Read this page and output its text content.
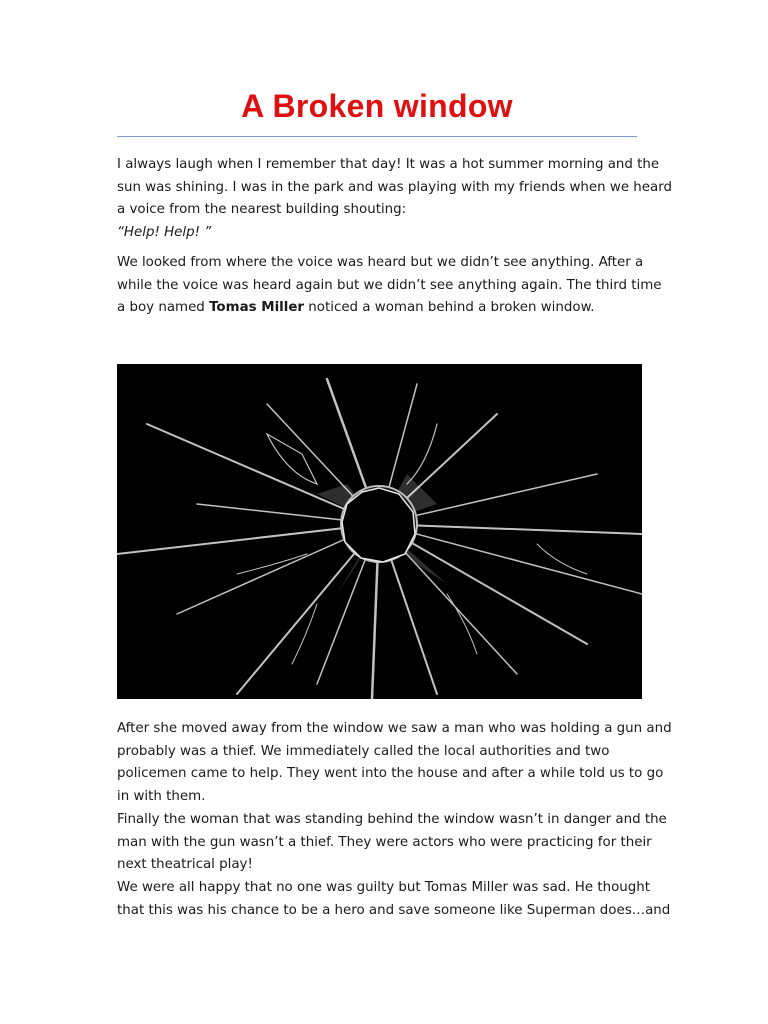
A Broken window

I always laugh when I remember that day! It was a hot summer morning and the
sun was shining. I was in the park and was playing with my friends when we heard
a voice from the nearest building shouting:
“Help! Help! ”

We looked from where the voice was heard but we didn’t see anything. After a
while the voice was heard again but we didn’t see anything again. The third time
a boy named Tomas Miller noticed a woman behind a broken window.

After she moved away from the window we saw a man who was holding a gun and
probably was a thief. We immediately called the local authorities and two
policemen came to help. They went into the house and after a while told us to go
in with them.
Finally the woman that was standing behind the window wasn’t in danger and the
man with the gun wasn’t a thief. They were actors who were practicing for their
next theatrical play!
We were all happy that no one was guilty but Tomas Miller was sad. He thought
that this was his chance to be a hero and save someone like Superman does…and
